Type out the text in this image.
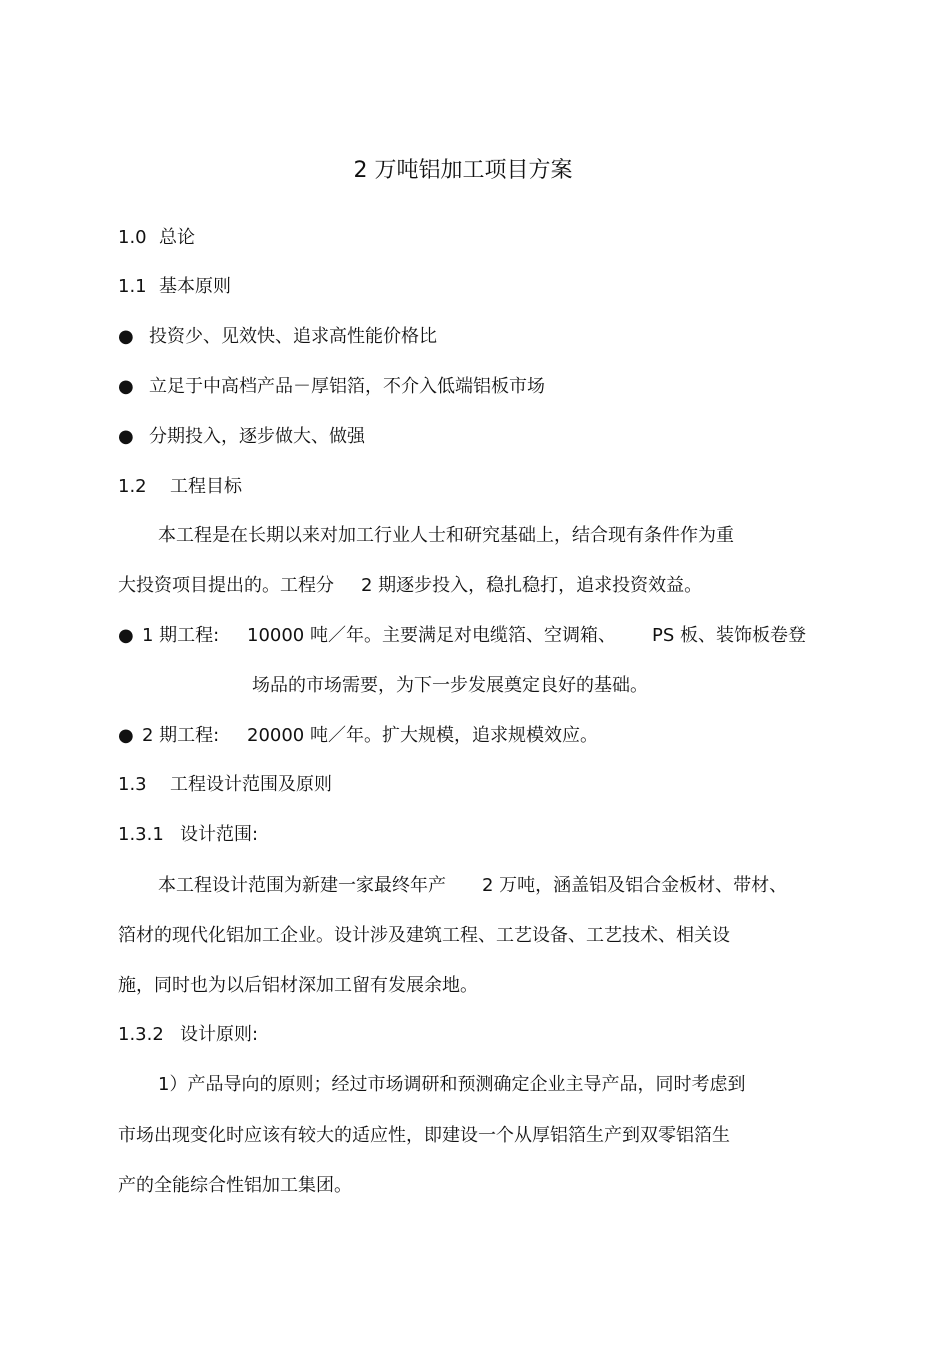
2 万吨铝加工项目方案
1.0 总论
1.1 基本原则
● 投资少、见效快、追求高性能价格比
● 立足于中高档产品－厚铝箔，不介入低端铝板市场
● 分期投入，逐步做大、做强
1.2 工程目标
本工程是在长期以来对加工行业人士和研究基础上，结合现有条件作为重
大投资项目提出的。工程分 2 期逐步投入，稳扎稳打，追求投资效益。
● 1 期工程: 10000 吨／年。主要满足对电缆箔、空调箱、 PS 板、装饰板卷登
场品的市场需要，为下一步发展奠定良好的基础。
● 2 期工程: 20000 吨／年。扩大规模，追求规模效应。
1.3 工程设计范围及原则
1.3.1 设计范围:
本工程设计范围为新建一家最终年产 2 万吨，涵盖铝及铝合金板材、带材、
箔材的现代化铝加工企业。设计涉及建筑工程、工艺设备、工艺技术、相关设
施，同时也为以后铝材深加工留有发展余地。
1.3.2 设计原则:
1）产品导向的原则；经过市场调研和预测确定企业主导产品，同时考虑到
市场出现变化时应该有较大的适应性，即建设一个从厚铝箔生产到双零铝箔生
产的全能综合性铝加工集团。
